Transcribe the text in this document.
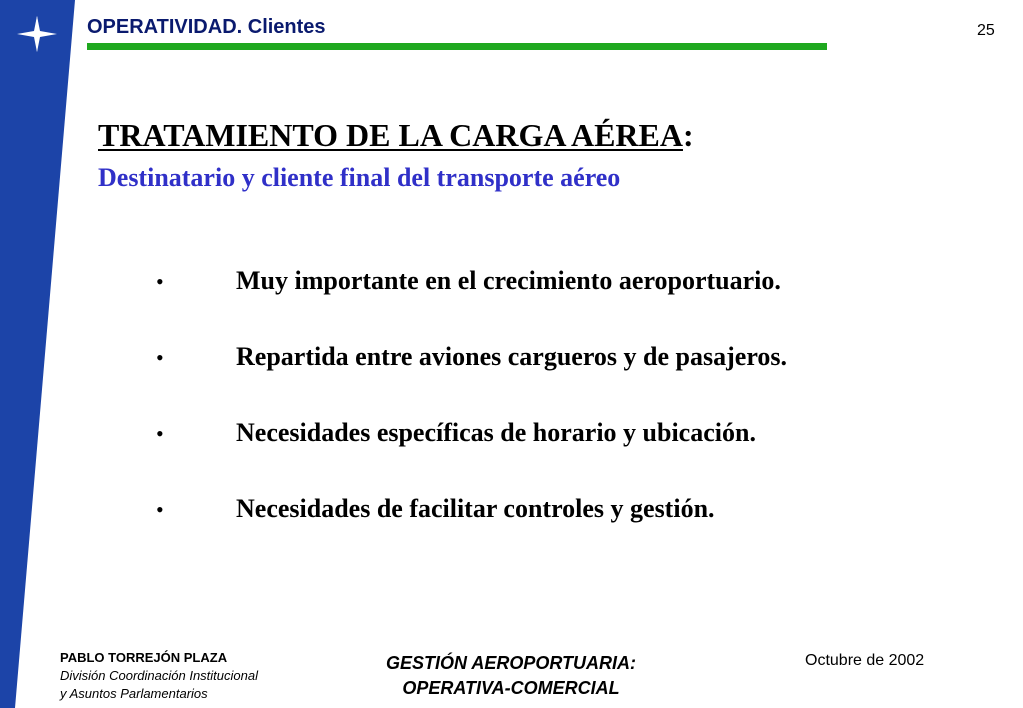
OPERATIVIDAD. Clientes	25
TRATAMIENTO DE LA CARGA AÉREA:
Destinatario y cliente final del transporte aéreo
•	Muy importante en el crecimiento aeroportuario.
•	Repartida entre aviones cargueros y de pasajeros.
•	Necesidades específicas de horario y ubicación.
•	Necesidades de facilitar controles y gestión.
PABLO TORREJÓN PLAZA
División Coordinación Institucional
y Asuntos Parlamentarios
GESTIÓN AEROPORTUARIA:
OPERATIVA-COMERCIAL
Octubre de 2002
